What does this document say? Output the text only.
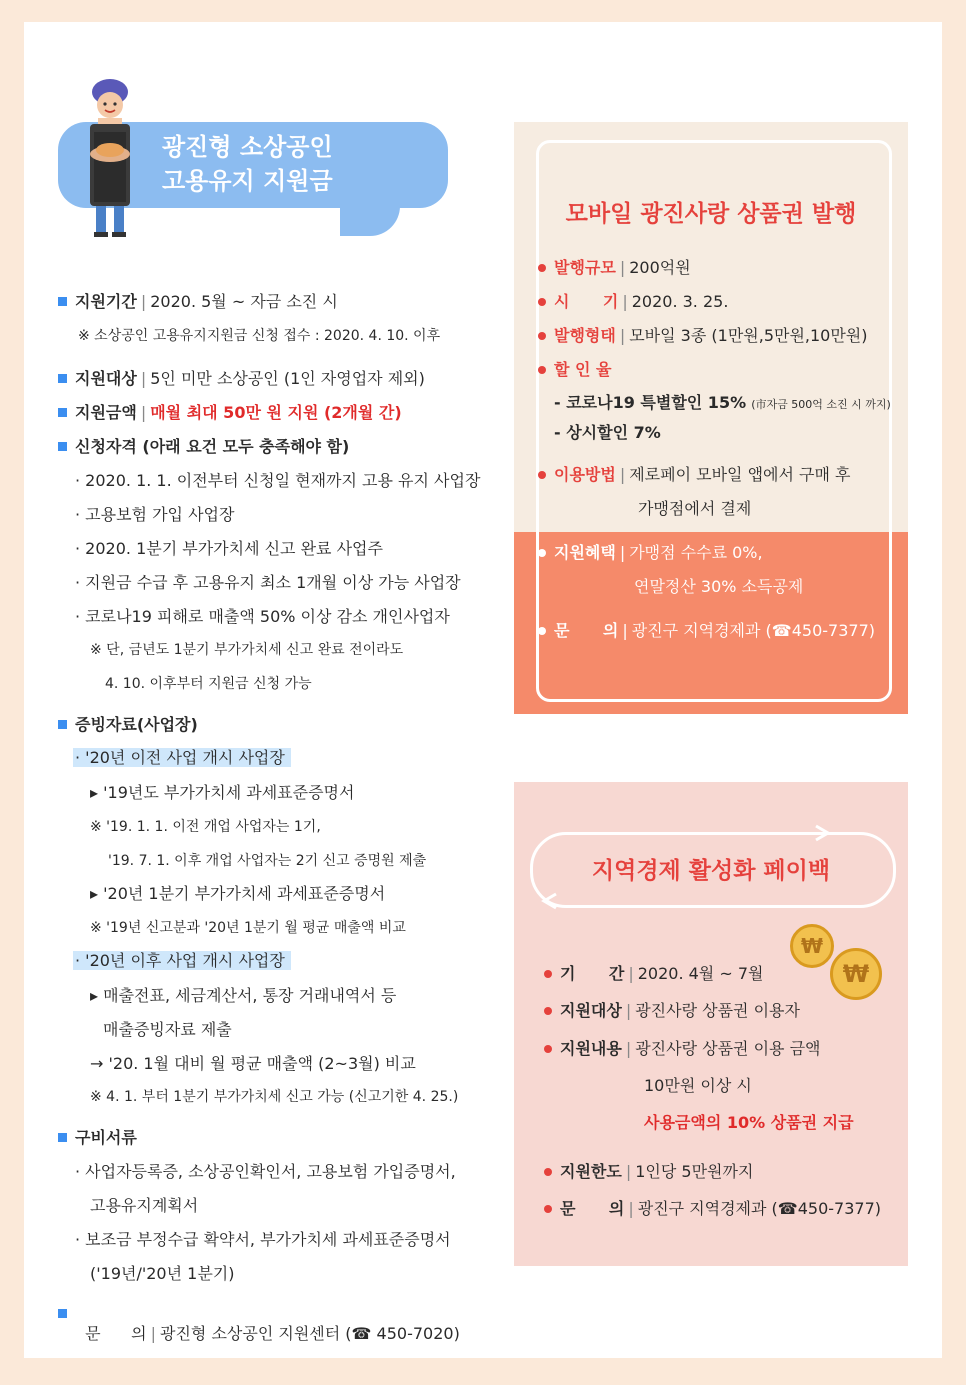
광진형 소상공인
고용유지 지원금
지원기간 | 2020. 5월 ~ 자금 소진 시
※ 소상공인 고용유지지원금 신청 접수 : 2020. 4. 10. 이후
지원대상 | 5인 미만 소상공인 (1인 자영업자 제외)
지원금액 | 매월 최대 50만 원 지원 (2개월 간)
신청자격 (아래 요건 모두 충족해야 함)
· 2020. 1. 1. 이전부터 신청일 현재까지 고용 유지 사업장
· 고용보험 가입 사업장
· 2020. 1분기 부가가치세 신고 완료 사업주
· 지원금 수급 후 고용유지 최소 1개월 이상 가능 사업장
· 코로나19 피해로 매출액 50% 이상 감소 개인사업자
※ 단, 금년도 1분기 부가가치세 신고 완료 전이라도
4. 10. 이후부터 지원금 신청 가능
증빙자료(사업장)
· '20년 이전 사업 개시 사업장
▸ '19년도 부가가치세 과세표준증명서
※ '19. 1. 1. 이전 개업 사업자는 1기,
'19. 7. 1. 이후 개업 사업자는 2기 신고 증명원 제출
▸ '20년 1분기 부가가치세 과세표준증명서
※ '19년 신고분과 '20년 1분기 월 평균 매출액 비교
· '20년 이후 사업 개시 사업장
▸ 매출전표, 세금계산서, 통장 거래내역서 등
매출증빙자료 제출
→ '20. 1월 대비 월 평균 매출액 (2~3월) 비교
※ 4. 1. 부터 1분기 부가가치세 신고 가능 (신고기한 4. 25.)
구비서류
· 사업자등록증, 소상공인확인서, 고용보험 가입증명서,
고용유지계획서
· 보조금 부정수급 확약서, 부가가치세 과세표준증명서
('19년/'20년 1분기)

문      의 | 광진형 소상공인 지원센터 (☎ 450-7020)

모바일 광진사랑 상품권 발행
발행규모 | 200억원
시      기 | 2020. 3. 25.
발행형태 | 모바일 3종 (1만원,5만원,10만원)
할 인 율
- 코로나19 특별할인 15% (市자금 500억 소진 시 까지)
- 상시할인 7%
이용방법 | 제로페이 모바일 앱에서 구매 후
가맹점에서 결제
지원혜택 | 가맹점 수수료 0%,
연말정산 30% 소득공제
문      의 | 광진구 지역경제과 (☎450-7377)
지역경제 활성화 페이백
₩
₩
기      간 | 2020. 4월 ~ 7월
지원대상 | 광진사랑 상품권 이용자
지원내용 | 광진사랑 상품권 이용 금액
10만원 이상 시
사용금액의 10% 상품권 지급
지원한도 | 1인당 5만원까지
문      의 | 광진구 지역경제과 (☎450-7377)
